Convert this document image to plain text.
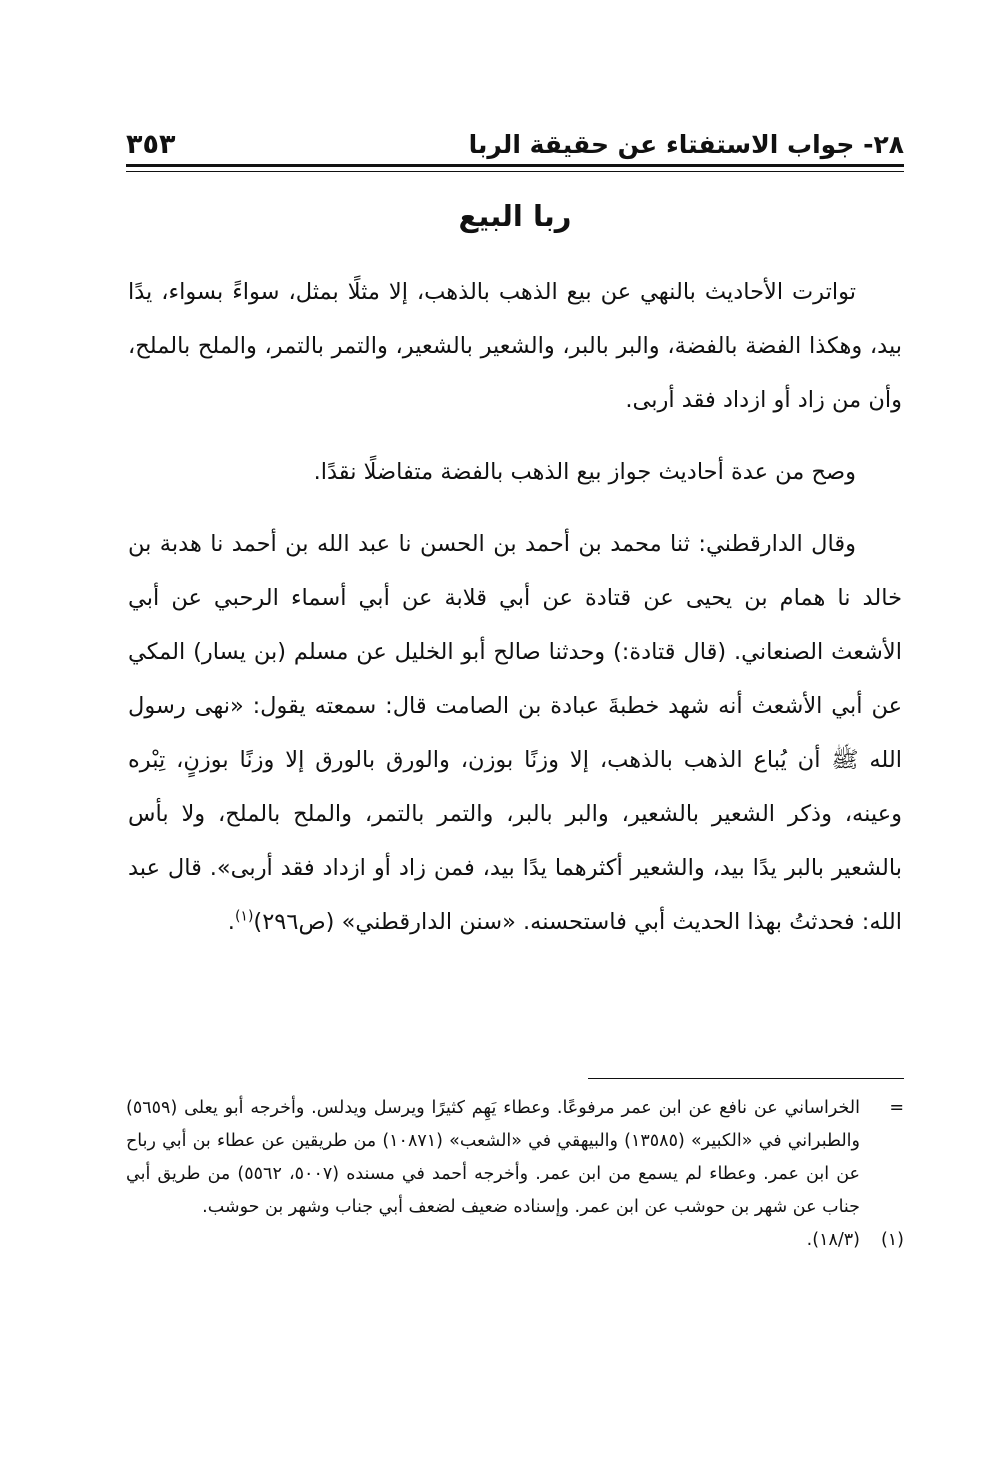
٢٨- جواب الاستفتاء عن حقيقة الربا
٣٥٣
ربا البيع

تواترت الأحاديث بالنهي عن بيع الذهب بالذهب، إلا مثلًا بمثل، سواءً بسواء، يدًا بيد، وهكذا الفضة بالفضة، والبر بالبر، والشعير بالشعير، والتمر بالتمر، والملح بالملح، وأن من زاد أو ازداد فقد أربى.

وصح من عدة أحاديث جواز بيع الذهب بالفضة متفاضلًا نقدًا.

وقال الدارقطني: ثنا محمد بن أحمد بن الحسن نا عبد الله بن أحمد نا هدبة بن خالد نا همام بن يحيى عن قتادة عن أبي قلابة عن أبي أسماء الرحبي عن أبي الأشعث الصنعاني. (قال قتادة:) وحدثنا صالح أبو الخليل عن مسلم (بن يسار) المكي عن أبي الأشعث أنه شهد خطبةَ عبادة بن الصامت قال: سمعته يقول: «نهى رسول الله ﷺ أن يُباع الذهب بالذهب، إلا وزنًا بوزن، والورق بالورق إلا وزنًا بوزنٍ، تِبْره وعينه، وذكر الشعير بالشعير، والبر بالبر، والتمر بالتمر، والملح بالملح، ولا بأس بالشعير بالبر يدًا بيد، والشعير أكثرهما يدًا بيد، فمن زاد أو ازداد فقد أربى». قال عبد الله: فحدثتُ بهذا الحديث أبي فاستحسنه. «سنن الدارقطني» (ص٢٩٦)$^{(١)}$.

=
الخراساني عن نافع عن ابن عمر مرفوعًا. وعطاء يَهِم كثيرًا ويرسل ويدلس. وأخرجه أبو يعلى (٥٦٥٩) والطبراني في «الكبير» (١٣٥٨٥) والبيهقي في «الشعب» (١٠٨٧١) من طريقين عن عطاء بن أبي رباح عن ابن عمر. وعطاء لم يسمع من ابن عمر. وأخرجه أحمد في مسنده (٥٠٠٧، ٥٥٦٢) من طريق أبي جناب عن شهر بن حوشب عن ابن عمر. وإسناده ضعيف لضعف أبي جناب وشهر بن حوشب.
(١)
(١٨/٣).
